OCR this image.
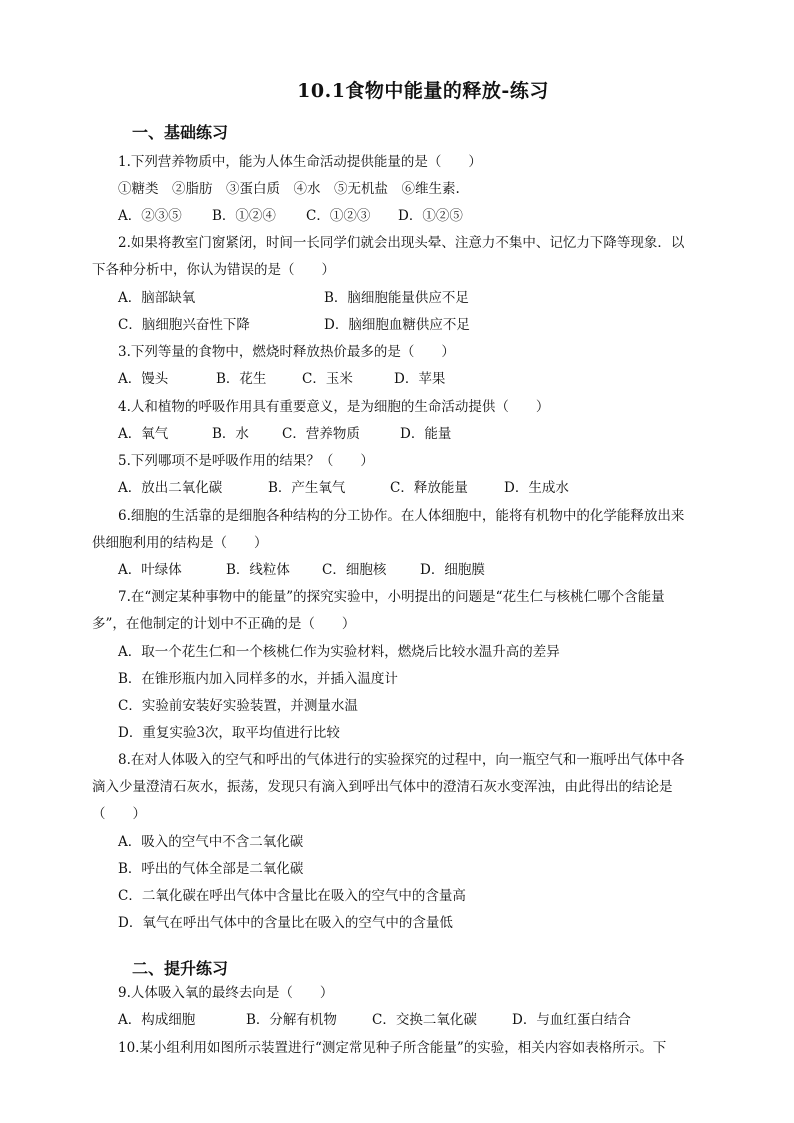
10.1食物中能量的释放-练习
一、基础练习
1.下列营养物质中，能为人体生命活动提供能量的是（　　）
①糖类　②脂肪　③蛋白质　④水　⑤无机盐　⑥维生素.
A．②③⑤ B．①②④ C．①②③ D．①②⑤
2.如果将教室门窗紧闭，时间一长同学们就会出现头晕、注意力不集中、记忆力下降等现象．以
下各种分析中，你认为错误的是（　　）
A．脑部缺氧	B．脑细胞能量供应不足
C．脑细胞兴奋性下降	D．脑细胞血糖供应不足
3.下列等量的食物中，燃烧时释放热价最多的是（　　）
A．馒头	B．花生	C．玉米	D．苹果
4.人和植物的呼吸作用具有重要意义，是为细胞的生命活动提供（　　）
A．氧气	B．水 C．营养物质	D．能量
5.下列哪项不是呼吸作用的结果？（　　）
A．放出二氧化碳	B．产生氧气	C．释放能量	D．生成水
6.细胞的生活靠的是细胞各种结构的分工协作。在人体细胞中，能将有机物中的化学能释放出来
供细胞利用的结构是（　　）
A．叶绿体	B．线粒体 C．细胞核 D．细胞膜
7.在“测定某种事物中的能量”的探究实验中，小明提出的问题是“花生仁与核桃仁哪个含能量
多”，在他制定的计划中不正确的是（　　）
A．取一个花生仁和一个核桃仁作为实验材料，燃烧后比较水温升高的差异
B．在锥形瓶内加入同样多的水，并插入温度计
C．实验前安装好实验装置，并测量水温
D．重复实验3次，取平均值进行比较
8.在对人体吸入的空气和呼出的气体进行的实验探究的过程中，向一瓶空气和一瓶呼出气体中各
滴入少量澄清石灰水，振荡，发现只有滴入到呼出气体中的澄清石灰水变浑浊，由此得出的结论是
（　　）
A．吸入的空气中不含二氧化碳
B．呼出的气体全部是二氧化碳
C．二氧化碳在呼出气体中含量比在吸入的空气中的含量高
D．氧气在呼出气体中的含量比在吸入的空气中的含量低
二、提升练习
9.人体吸入氧的最终去向是（　　）
A．构成细胞	B．分解有机物	C．交换二氧化碳	D．与血红蛋白结合
10.某小组利用如图所示装置进行“测定常见种子所含能量”的实验，相关内容如表格所示。下
